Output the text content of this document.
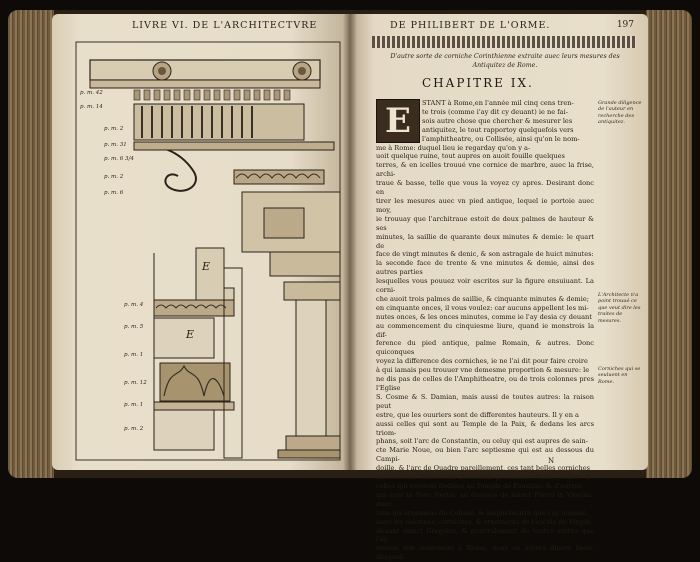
LIVRE VI. DE L'ARCHITECTVRE
p. m. 42
p. m. 14
p. m. 2
p. m. 31
p. m. 6 3/4
p. m. 2
p. m. 6
E
E
p. m. 4
p. m. 5
p. m. 1
p. m. 12
p. m. 1
p. m. 2
DE PHILIBERT DE L'ORME.	197
D'autre sorte de corniche Corinthienne extraite auec leurs mesures des Antiquitez de Rome.
CHAPITRE IX.
E	STANT à Rome,en l'année mil cinq cens tren-
te trois (comme i'ay dit cy deuant) ie ne fai-
sois autre chose que chercher & mesurer les
antiquitez, le tout rapportoy quelquefois vers
l'amphitheatre, ou Collisée, ainsi qu'on le nom-
me à Rome: duquel lieu ie regarday qu'on y a-
uoit quelque ruine, tout aupres on auoit fouille quelques
terres, & en icelles trouué vne cornice de marbre, auec la frise, archi-
traue & basse, telle que vous la voyez cy apres. Desirant donc en
tirer les mesures auec vn pied antique, lequel ie portoie auec moy,
ie trouuay que l'architraue estoit de deux palmes de hauteur & ses
minutes, la saillie de quarante deux minutes & demie: le quart de
face de vingt minutes & denic, & son astragale de huict minutes:
la seconde face de trente & vne minutes & demie, ainsi des autres parties
lesquelles vous pouuez voir escrites sur la figure ensuiuant. La corni-
che auoit trois palmes de saillie, & cinquante minutes & demie;
en cinquante onces, il vous voulez: car aucuns appellent les mi-
nutes onces, & les onces minutes, comme ie l'ay desia cy deuant
au commencement du cinquiesme liure, quand ie monstrois la dif-
ference du pied antique, palme Romain, & autres. Donc quiconques
voyez la difference des corniches, ie ne l'ai dit pour faire croire
à qui iamais peu trouuer vne demesme proportion & mesure: le
ne dis pas de celles de l'Amphitheatre, ou de trois colonnes pres l'Eglise
S. Cosme & S. Damian, mais aussi de toutes autres: la raison peut
estre, que les ouuriers sont de differentes hauteurs. Il y en a
aussi celles qui sont au Temple de la Paix, & dedans les arcs triom-
phans, soit l'arc de Constantin, ou celuy qui est aupres de sain-
cte Marie Noue, ou bien l'arc septiesme qui est au dessous du Campi-
doille, & l'arc de Quadre pareillement, ces tant belles corniches
qui sont aux thermes de Dioclesian pres sainte Marie Majore: &
celles qui estoient dediées au Temple de Faustine: & d'autres
qui sont in Foro Nerua, au dessous de sainct Pierre in Vincula: auec
tous les ornemens du Colisée, & amphitheatre que i'ay nommé,
auec les colonnes, corniches, & ornements de l'escole de Virgile
deuant sainct Gregoire, & generalement de toutes autres que i'ay
trouué non seulement à Rome, mais en autres diuers lieux, desquel-
Grande diligence de l'auteur en recherche des antiquitez.
L'Architecte n'a point trouué ce que veut dire les traites de mesures.
Corniches qui se seuluent en Rome.
N
